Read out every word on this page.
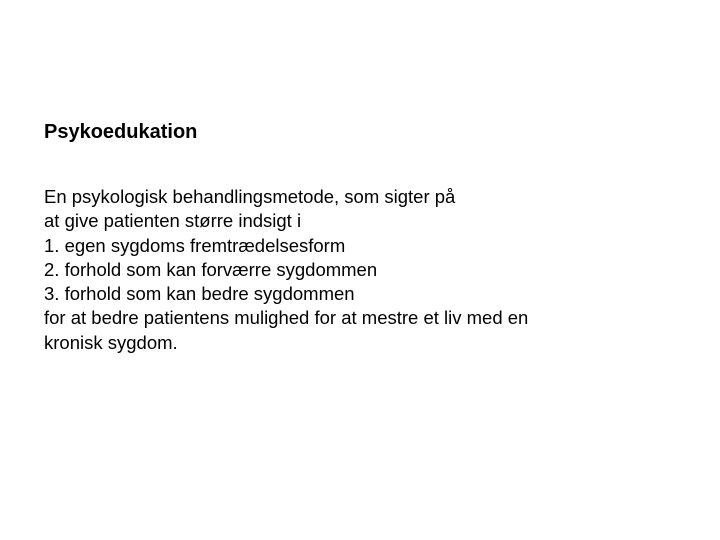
Psykoedukation
En psykologisk behandlingsmetode, som sigter på
at give patienten større indsigt i
1. egen sygdoms fremtrædelsesform
2. forhold som kan forværre sygdommen
3. forhold som kan bedre sygdommen
for at bedre patientens mulighed for at mestre et liv med en
kronisk sygdom.
